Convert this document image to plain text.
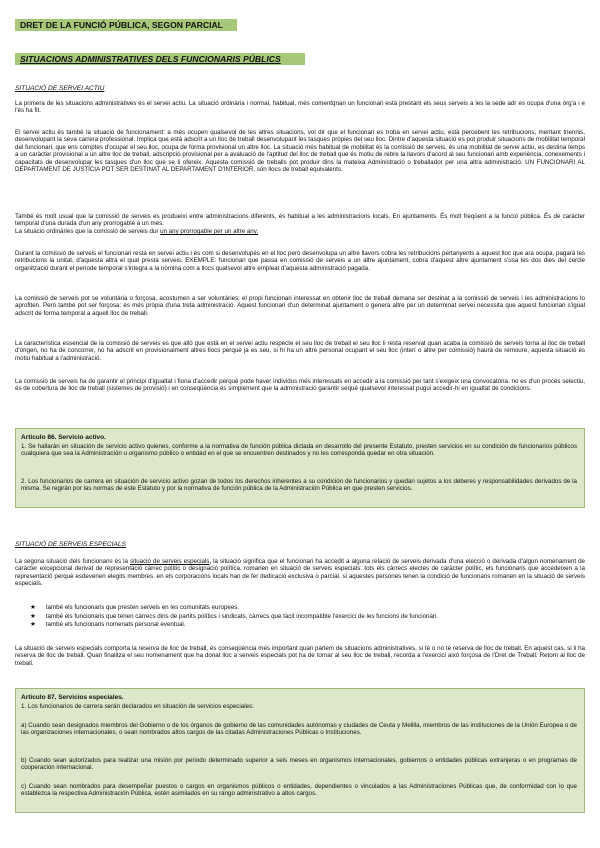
DRET DE LA FUNCIÓ PÚBLICA, SEGON PARCIAL
SITUACIONS ADMINISTRATIVES DELS FUNCIONARIS PÚBLICS
SITUACIÓ DE SERVEI ACTIU

La primera de les situacions administratives és el servei actiu. La situació ordinària i normal, habitual, més comentqnan un funcionari està prestant els seus serveis a les la sede adr es ocupa d'una òrg'a i e l'és ha fit.

El servei actiu és també la situació de funcionament: a més ocupen qualsevol de les altres situacions, vol dir que el funcionari es troba en servei actiu, està percebent les retribucions, meritant triennis, desenvolupant la seva carrera professional. Implica que està adscrit a un lloc de treball desenvolupant les tasques pròpies del seu lloc. Dintre d'aquesta situació es pot produir situacions de mobilitat temporal del funcionari, que ens comptes d'ocupar el seu lloc, ocupa de forma provisional un altre lloc. La situació més habitual de mobilitat és la comissió de serveis, és una mobilitat de servei actiu, es destina temps a un caràcter provisional a un altre lloc de treball, adscripció provisional per a avaluació de l'aptitud del lloc de treball que és motiu de rebre la llavors d'acord al seu funcionari amb experiència, conexements i capacitats de desenvolupar les tasques d'un lloc que se li ofereix. Aquesta comissió de treballs pot produir dins la mateixa Administració o treballador per una altra administració. UN FUNCIONARI AL DEPARTAMENT DE JUSTÍCIA POT SER DESTINAT AL DEPARTAMENT D'INTERIOR, són llocs de treball equivalents.

També és molt usual que la comissió de serveis es produeixi entre administracions diferents, és habitual a les administracions locals. En ajuntaments. És molt freqüent a la funció pública. És de caràcter temporal d'una durada d'un any prorrogable a un més.
La situació ordinàries que la comissió de serveis dur un any prorrogable per un altre any.

Durant la comissió de serveis el funcionari resta en servei actiu i és com si desenvolupés en el lloc però desenvolupa un altre llavors cobra les retribucions pertanyents a aquest lloc que ara ocupa, pagarà les retribucions la unitat, d'aquesta altra el qual presta serveis. EXEMPLE: funcionari que passa en comissió de serveis a un altre ajuntament, cobra d'aquest altre ajuntament s'usa les dos dies del cercle organització durant el període temporal s'integra a la nòmina com a llocs qualsevol altre empleat d'aquesta administració pagada.

La comissió de serveis pot se voluntària o forçosa, acostumen a ser voluntàries: el propi funcionari interessat en obtenir lloc de treball demana ser destinat a la comissió de serveis i les administracions lo aprofiten. Però també pot ser forçosa: és més pròpia d'una treta administració. Aquest funcionari d'un determinat ajuntament o genera altre per un determinat servei necessita que aquest funcionari s'igual adscrit de forma temporal a aquell lloc de treball.

La característica essencial de la comissió de serveis es que allò que està en el servei actiu respecte el seu lloc de treball el seu lloc li resta reservat quan acaba la comissió de serveis torna al lloc de treball d'origen, no ha de concorrer, no ha adscrit en provisionalment altres llocs perquè ja es seu, si hi ha un altre personal ocupant el seu lloc (interí o altre per comissió) haurà de remoure, aquesta situació és motiu habitual a l'administració.

La comissió de serveis ha de garantir el principi d'igualtat i fiona d'accedir perquè pode haver individus més interessats en accedir a la comissió per tant s'exigeix una convocatòria. no es d'un procés selectiu, és de cobertura de lloc de treball (sistemes de provisió) i en conseqüència és simplement que la administració garantir sequé qualsevol interessat pugui accedir-hi en igualtat de condicions.

Artículo 86. Servicio activo.

1. Se hallarán en situación de servicio activo quienes, conforme a la normativa de función pública dictada en desarrollo del presente Estatuto, presten servicios en su condición de funcionarios públicos cualquiera que sea la Administración u organismo público o entidad en el que se encuentren destinados y no les corresponda quedar en otra situación.

2. Los funcionarios de carrera en situación de servicio activo gozan de todos los derechos inherentes a su condición de funcionarios y quedan sujetos a los deberes y responsabilidades derivados de la misma. Se regirán por las normas de este Estatuto y por la normativa de función pública de la Administración Pública en que presten servicios.

SITUACIÓ DE SERVEIS ESPECIALS

La segona situació dels funcionaris és la situació de serveis especials, la situació significa que el funcionari ha accedit a alguna relació de serveis derivada d'una elecció o derivada d'algun nomenament de caràcter excepcional derivat de representació càrrec polític o designació política. romanen en situació de serveis especials: tots els càrrecs electes de caràcter polític, els funcionaris que accedeixen a la representació perquè esdevenen elegits membres. en els corporacions locals han de fer dedicació exclusiva o parcial. si aquestes persones tenen la condició de funcionaris romanen en la situació de serveis especials.

★ també els funcionaris que presten serveis en les comunitats europees.
★ també els funcionaris que tenen càrrecs dins de partits polítics i sindicats, càrrecs que tàcit incompatible l'exercici de les funcions de funcionari.
★ també els funcionaris nomenats personal eventual.

La situació de serveis especials comporta la reserva de lloc de treball, és conseqüència més important quan parlem de situacions administratives, si té o no té reserva de lloc de treball. En aquest cas, si li ha reserva de lloc de treball. Quan finalitza el seu nomenament que ha donat lloc a serveis especials pot ha de tornar al seu lloc de treball, recorda a l'exercici això forçosa de l'Dret de Treball. Retorn al lloc de treball.

Artículo 87. Servicios especiales.

1. Los funcionarios de carrera serán declarados en situación de servicios especiales:

a) Cuando sean designados miembros del Gobierno o de los órganos de gobierno de las comunidades autónomas y ciudades de Ceuta y Melilla, miembros de las instituciones de la Unión Europea o de las organizaciones internacionales, o sean nombrados altos cargos de las citadas Administraciones Públicas o Instituciones.

b) Cuando sean autorizados para realizar una misión por periodo determinado superior a seis meses en organismos internacionales, gobiernos o entidades públicas extranjeras o en programas de cooperación internacional.

c) Cuando sean nombrados para desempeñar puestos o cargos en organismos públicos o entidades, dependientes o vinculados a las Administraciones Públicas que, de conformidad con lo que establezca la respectiva Administración Pública, estén asimilados en su rango administrativo a altos cargos.
